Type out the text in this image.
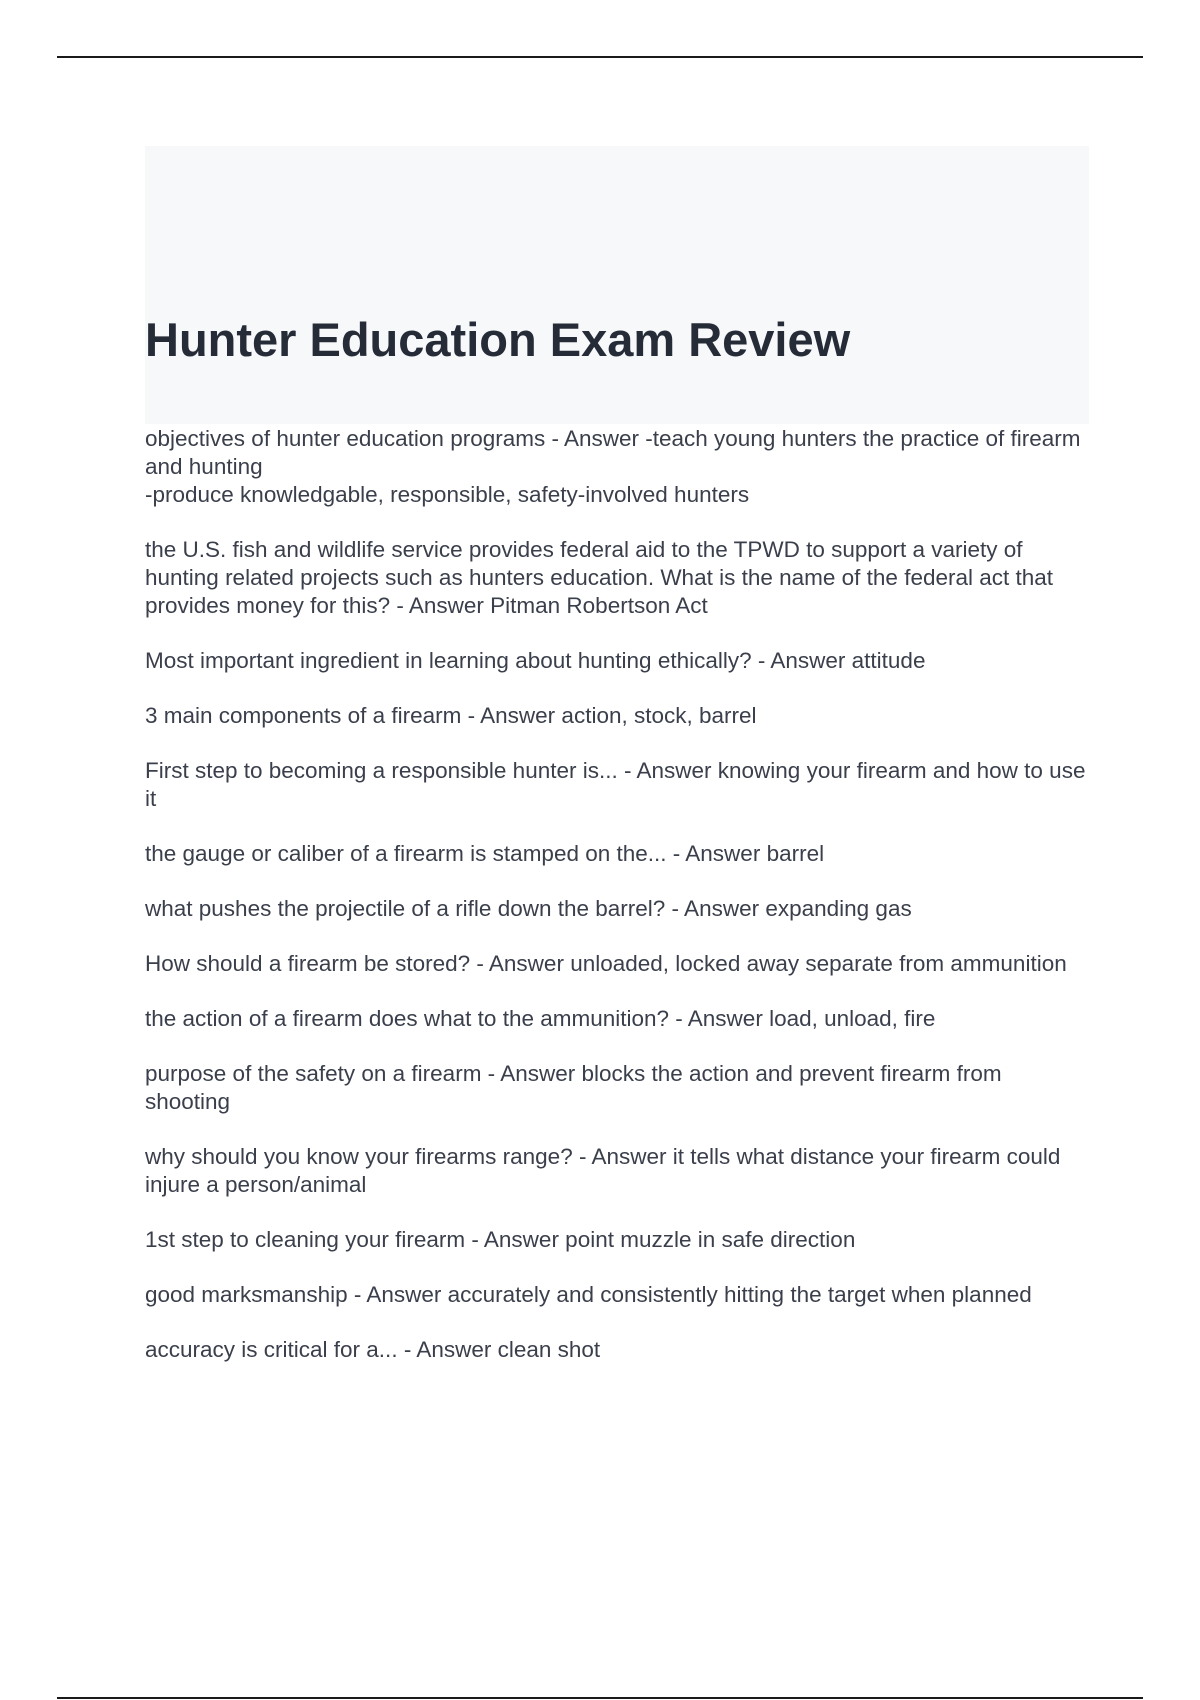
Hunter Education Exam Review
objectives of hunter education programs - Answer -teach young hunters the practice of firearm and hunting
-produce knowledgable, responsible, safety-involved hunters
the U.S. fish and wildlife service provides federal aid to the TPWD to support a variety of hunting related projects such as hunters education. What is the name of the federal act that provides money for this? - Answer Pitman Robertson Act
Most important ingredient in learning about hunting ethically? - Answer attitude
3 main components of a firearm - Answer action, stock, barrel
First step to becoming a responsible hunter is... - Answer knowing your firearm and how to use it
the gauge or caliber of a firearm is stamped on the... - Answer barrel
what pushes the projectile of a rifle down the barrel? - Answer expanding gas
How should a firearm be stored? - Answer unloaded, locked away separate from ammunition
the action of a firearm does what to the ammunition? - Answer load, unload, fire
purpose of the safety on a firearm - Answer blocks the action and prevent firearm from shooting
why should you know your firearms range? - Answer it tells what distance your firearm could injure a person/animal
1st step to cleaning your firearm - Answer point muzzle in safe direction
good marksmanship - Answer accurately and consistently hitting the target when planned
accuracy is critical for a... - Answer clean shot
